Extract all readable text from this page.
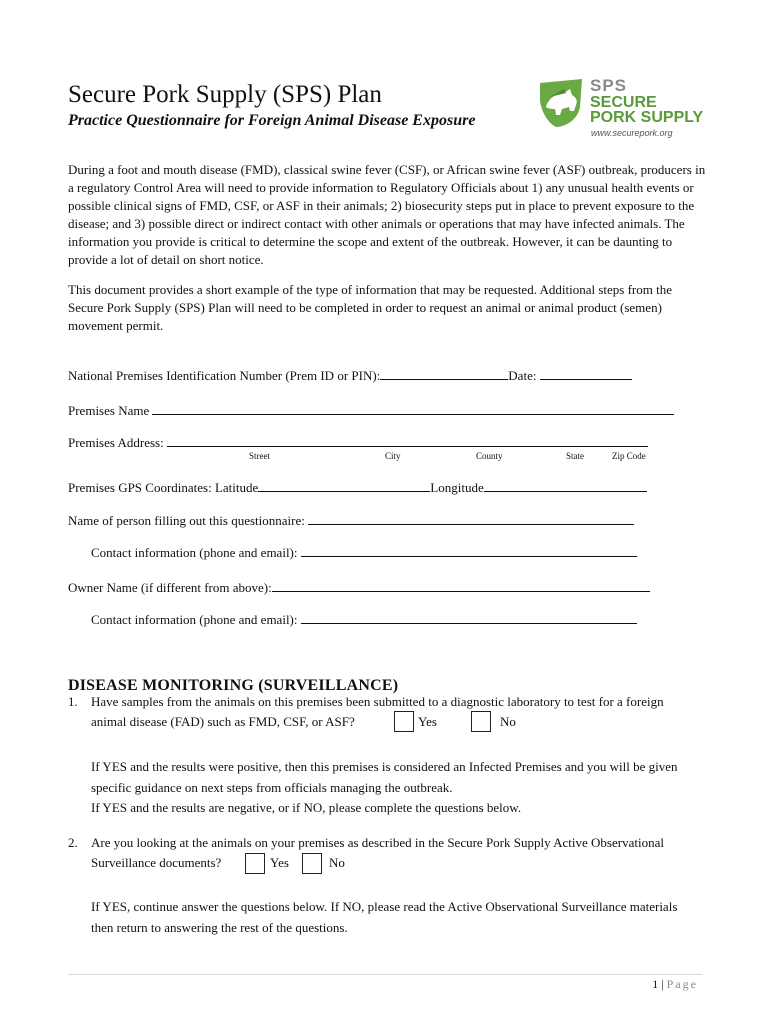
Secure Pork Supply (SPS) Plan
Practice Questionnaire for Foreign Animal Disease Exposure
SPS
SECURE
PORK SUPPLY
www.securepork.org
During a foot and mouth disease (FMD), classical swine fever (CSF), or African swine fever (ASF) outbreak, producers in a regulatory Control Area will need to provide information to Regulatory Officials about 1) any unusual health events or possible clinical signs of FMD, CSF, or ASF in their animals; 2) biosecurity steps put in place to prevent exposure to the disease; and 3) possible direct or indirect contact with other animals or operations that may have infected animals. The information you provide is critical to determine the scope and extent of the outbreak. However, it can be daunting to provide a lot of detail on short notice.
This document provides a short example of the type of information that may be requested. Additional steps from the Secure Pork Supply (SPS) Plan will need to be completed in order to request an animal or animal product (semen) movement permit.
National Premises Identification Number (Prem ID or PIN):	Date:
Premises Name
Premises Address:
Street	City	County	State	Zip Code
Premises GPS Coordinates: Latitude	Longitude
Name of person filling out this questionnaire:
Contact information (phone and email):
Owner Name (if different from above):
Contact information (phone and email):
DISEASE MONITORING (SURVEILLANCE)
1. Have samples from the animals on this premises been submitted to a diagnostic laboratory to test for a foreign
animal disease (FAD) such as FMD, CSF, or ASF?	Yes	No
If YES and the results were positive, then this premises is considered an Infected Premises and you will be given specific guidance on next steps from officials managing the outbreak.
If YES and the results are negative, or if NO, please complete the questions below.
2. Are you looking at the animals on your premises as described in the Secure Pork Supply Active Observational
Surveillance documents?	Yes	No
If YES, continue answer the questions below. If NO, please read the Active Observational Surveillance materials then return to answering the rest of the questions.
1 | Page
